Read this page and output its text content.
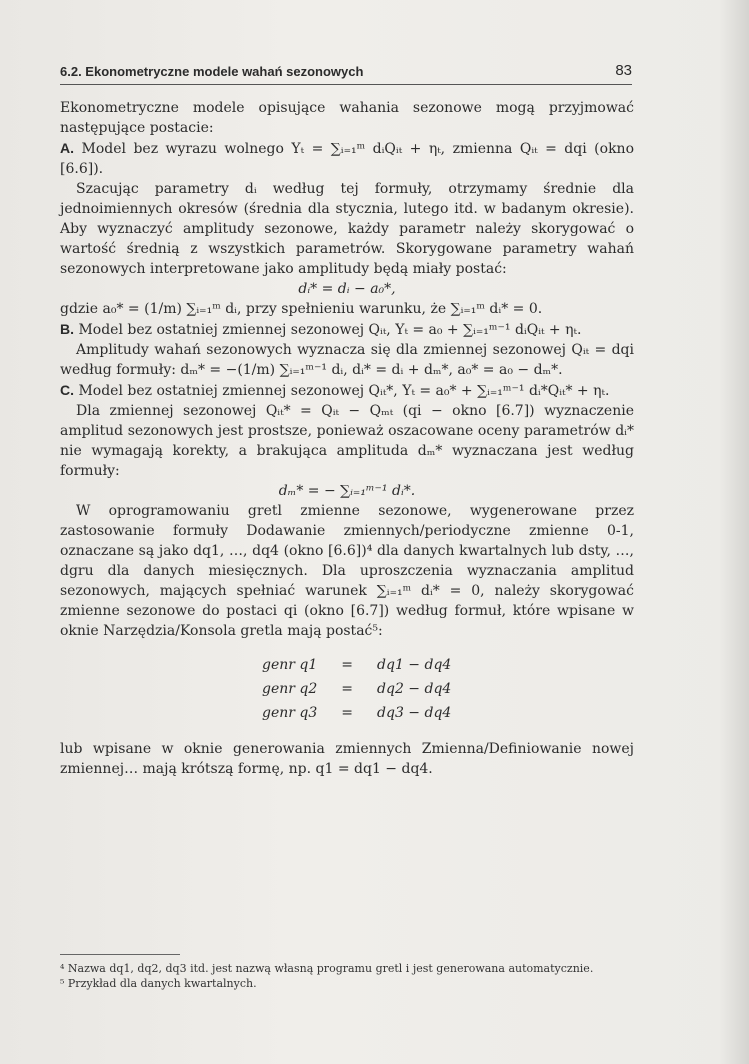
6.2. Ekonometryczne modele wahań sezonowych	83

Ekonometryczne modele opisujące wahania sezonowe mogą przyjmować następujące postacie:

A. Model bez wyrazu wolnego Yₜ = ∑ᵢ₌₁ᵐ dᵢQᵢₜ + ηₜ, zmienna Qᵢₜ = dqi (okno [6.6]).

Szacując parametry dᵢ według tej formuły, otrzymamy średnie dla jednoimiennych okresów (średnia dla stycznia, lutego itd. w badanym okresie). Aby wyznaczyć amplitudy sezonowe, każdy parametr należy skorygować o wartość średnią z wszystkich parametrów. Skorygowane parametry wahań sezonowych interpretowane jako amplitudy będą miały postać:

dᵢ* = dᵢ − a₀*,

gdzie a₀* = (1/m) ∑ᵢ₌₁ᵐ dᵢ, przy spełnieniu warunku, że ∑ᵢ₌₁ᵐ dᵢ* = 0.

B. Model bez ostatniej zmiennej sezonowej Qᵢₜ, Yₜ = a₀ + ∑ᵢ₌₁ᵐ⁻¹ dᵢQᵢₜ + ηₜ.

Amplitudy wahań sezonowych wyznacza się dla zmiennej sezonowej Qᵢₜ = dqi według formuły: dₘ* = −(1/m) ∑ᵢ₌₁ᵐ⁻¹ dᵢ, dᵢ* = dᵢ + dₘ*, a₀* = a₀ − dₘ*.

C. Model bez ostatniej zmiennej sezonowej Qᵢₜ*, Yₜ = a₀* + ∑ᵢ₌₁ᵐ⁻¹ dᵢ*Qᵢₜ* + ηₜ.

Dla zmiennej sezonowej Qᵢₜ* = Qᵢₜ − Qₘₜ (qi − okno [6.7]) wyznaczenie amplitud sezonowych jest prostsze, ponieważ oszacowane oceny parametrów dᵢ* nie wymagają korekty, a brakująca amplituda dₘ* wyznaczana jest według formuły:

dₘ* = − ∑ᵢ₌₁ᵐ⁻¹ dᵢ*.

W oprogramowaniu gretl zmienne sezonowe, wygenerowane przez zastosowanie formuły Dodawanie zmiennych/periodyczne zmienne 0-1, oznaczane są jako dq1, …, dq4 (okno [6.6])⁴ dla danych kwartalnych lub dsty, …, dgru dla danych miesięcznych. Dla uproszczenia wyznaczania amplitud sezonowych, mających spełniać warunek ∑ᵢ₌₁ᵐ dᵢ* = 0, należy skorygować zmienne sezonowe do postaci qi (okno [6.7]) według formuł, które wpisane w oknie Narzędzia/Konsola gretla mają postać⁵:

genr q1	=	dq1 − dq4
genr q2	=	dq2 − dq4
genr q3	=	dq3 − dq4

lub wpisane w oknie generowania zmiennych Zmienna/Definiowanie nowej zmiennej… mają krótszą formę, np. q1 = dq1 − dq4.

⁴ Nazwa dq1, dq2, dq3 itd. jest nazwą własną programu gretl i jest generowana automatycznie.
⁵ Przykład dla danych kwartalnych.
